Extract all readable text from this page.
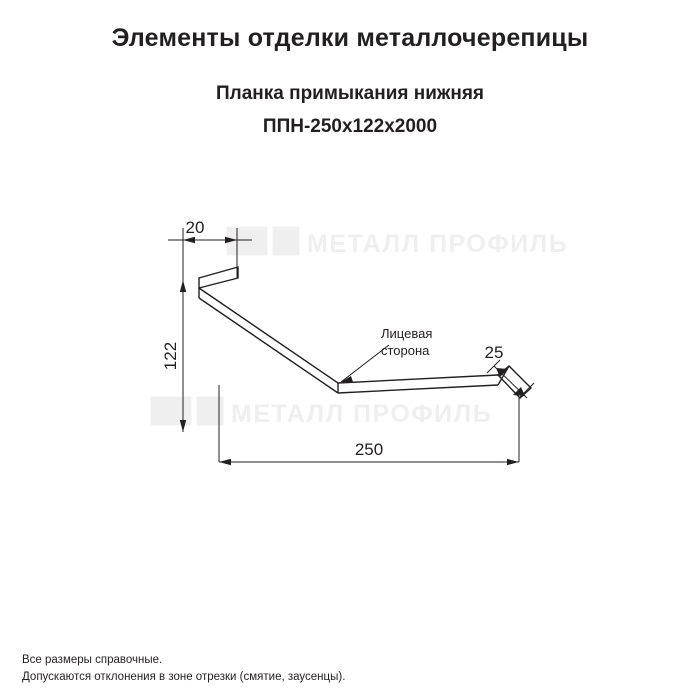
Элементы отделки металлочерепицы

Планка примыкания нижняя

ППН-250х122х2000

МЕТАЛЛ ПРОФИЛЬ
МЕТАЛЛ ПРОФИЛЬ
20
122
250
25
Лицевая
сторона
Все размеры справочные.
Допускаются отклонения в зоне отрезки (смятие, заусенцы).
